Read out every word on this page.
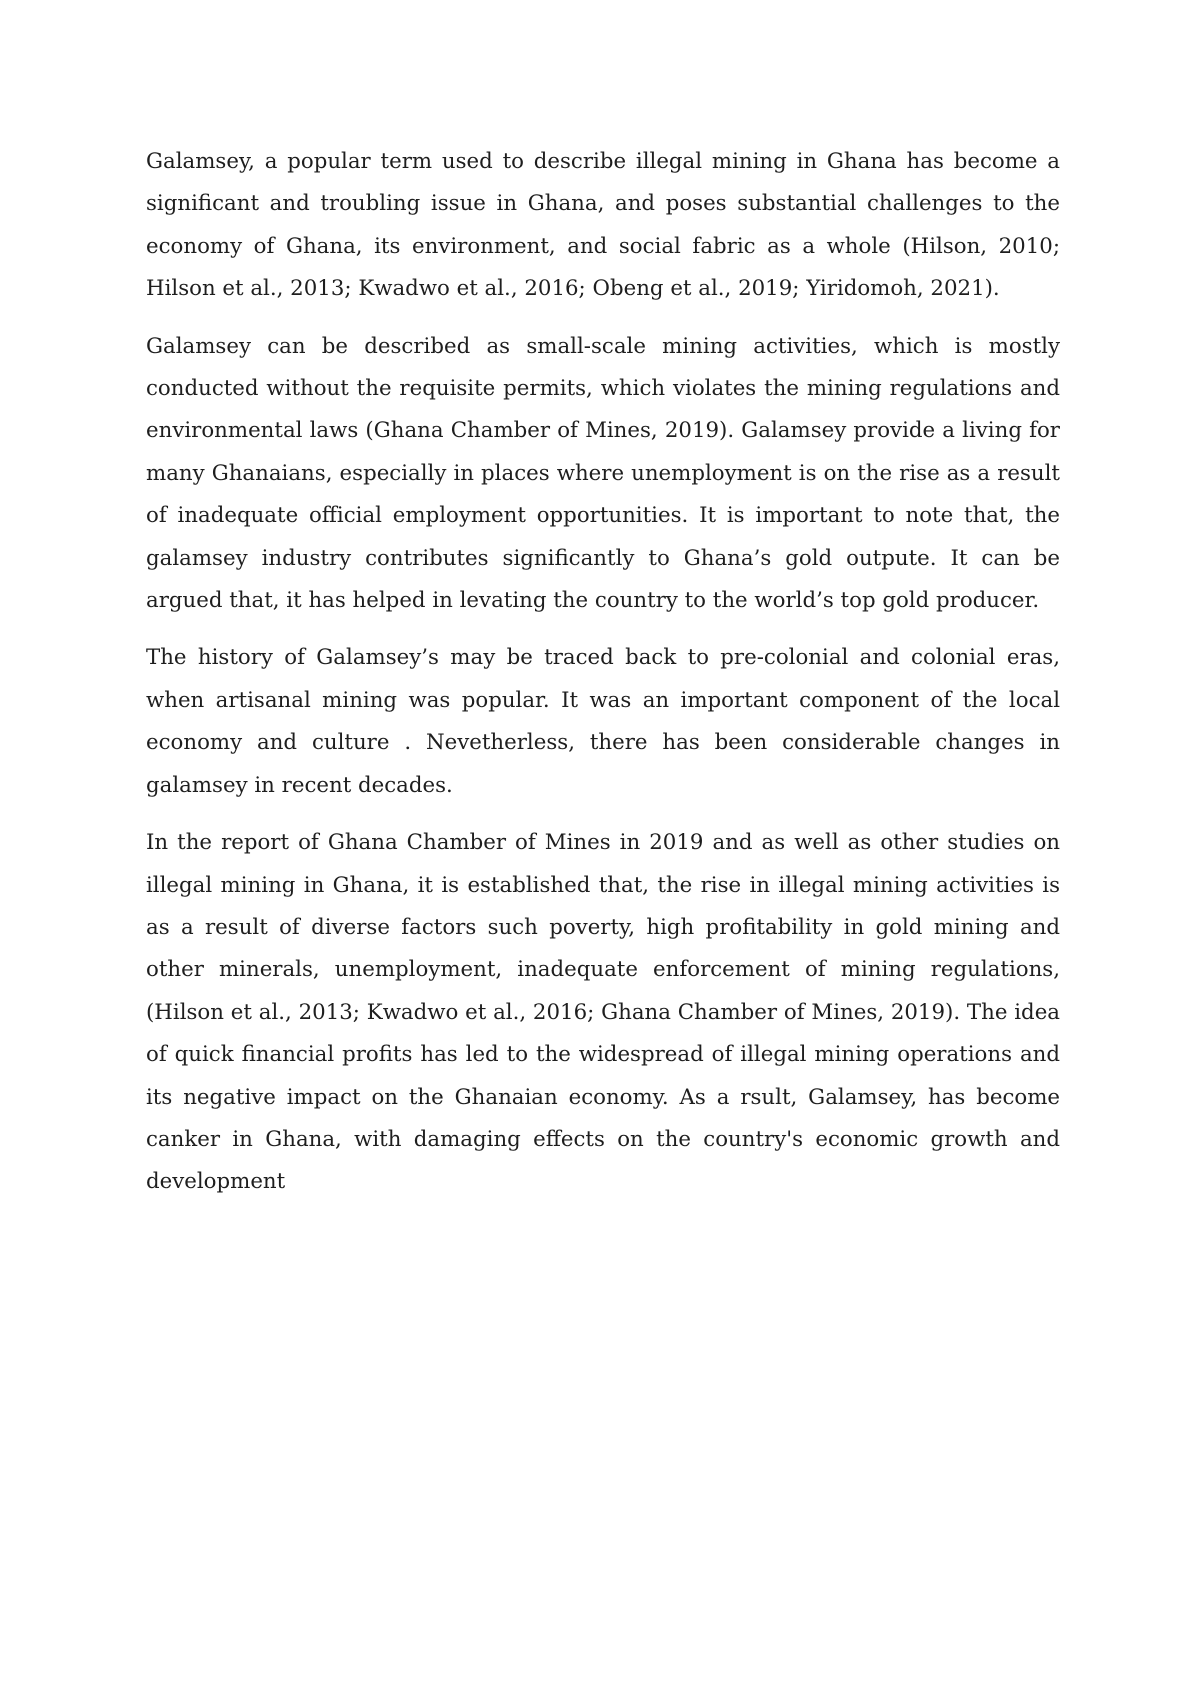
Galamsey, a popular term used to describe illegal mining in Ghana has become a significant and troubling issue in Ghana, and poses substantial challenges to the economy of Ghana, its environment, and social fabric as a whole (Hilson, 2010; Hilson et al., 2013; Kwadwo et al., 2016; Obeng et al., 2019; Yiridomoh, 2021).

Galamsey can be described as small-scale mining activities, which is mostly conducted without the requisite permits, which violates the mining regulations and environmental laws (Ghana Chamber of Mines, 2019). Galamsey provide a living for many Ghanaians, especially in places where unemployment is on the rise as a result of inadequate official employment opportunities. It is important to note that, the galamsey industry contributes significantly to Ghana’s gold outpute. It can be argued that, it has helped in levating the country to the world’s top gold producer.

The history of Galamsey’s may be traced back to pre-colonial and colonial eras, when artisanal mining was popular. It was an important component of the local economy and culture . Nevetherless, there has been considerable changes in galamsey in recent decades.

In the report of Ghana Chamber of Mines in 2019 and as well as other studies on illegal mining in Ghana, it is established that, the rise in illegal mining activities is as a result of diverse factors such poverty, high profitability in gold mining and other minerals, unemployment, inadequate enforcement of mining regulations, (Hilson et al., 2013; Kwadwo et al., 2016; Ghana Chamber of Mines, 2019). The idea of quick financial profits has led to the widespread of illegal mining operations and its negative impact on the Ghanaian economy. As a rsult, Galamsey, has become canker in Ghana, with damaging effects on the country's economic growth and development
